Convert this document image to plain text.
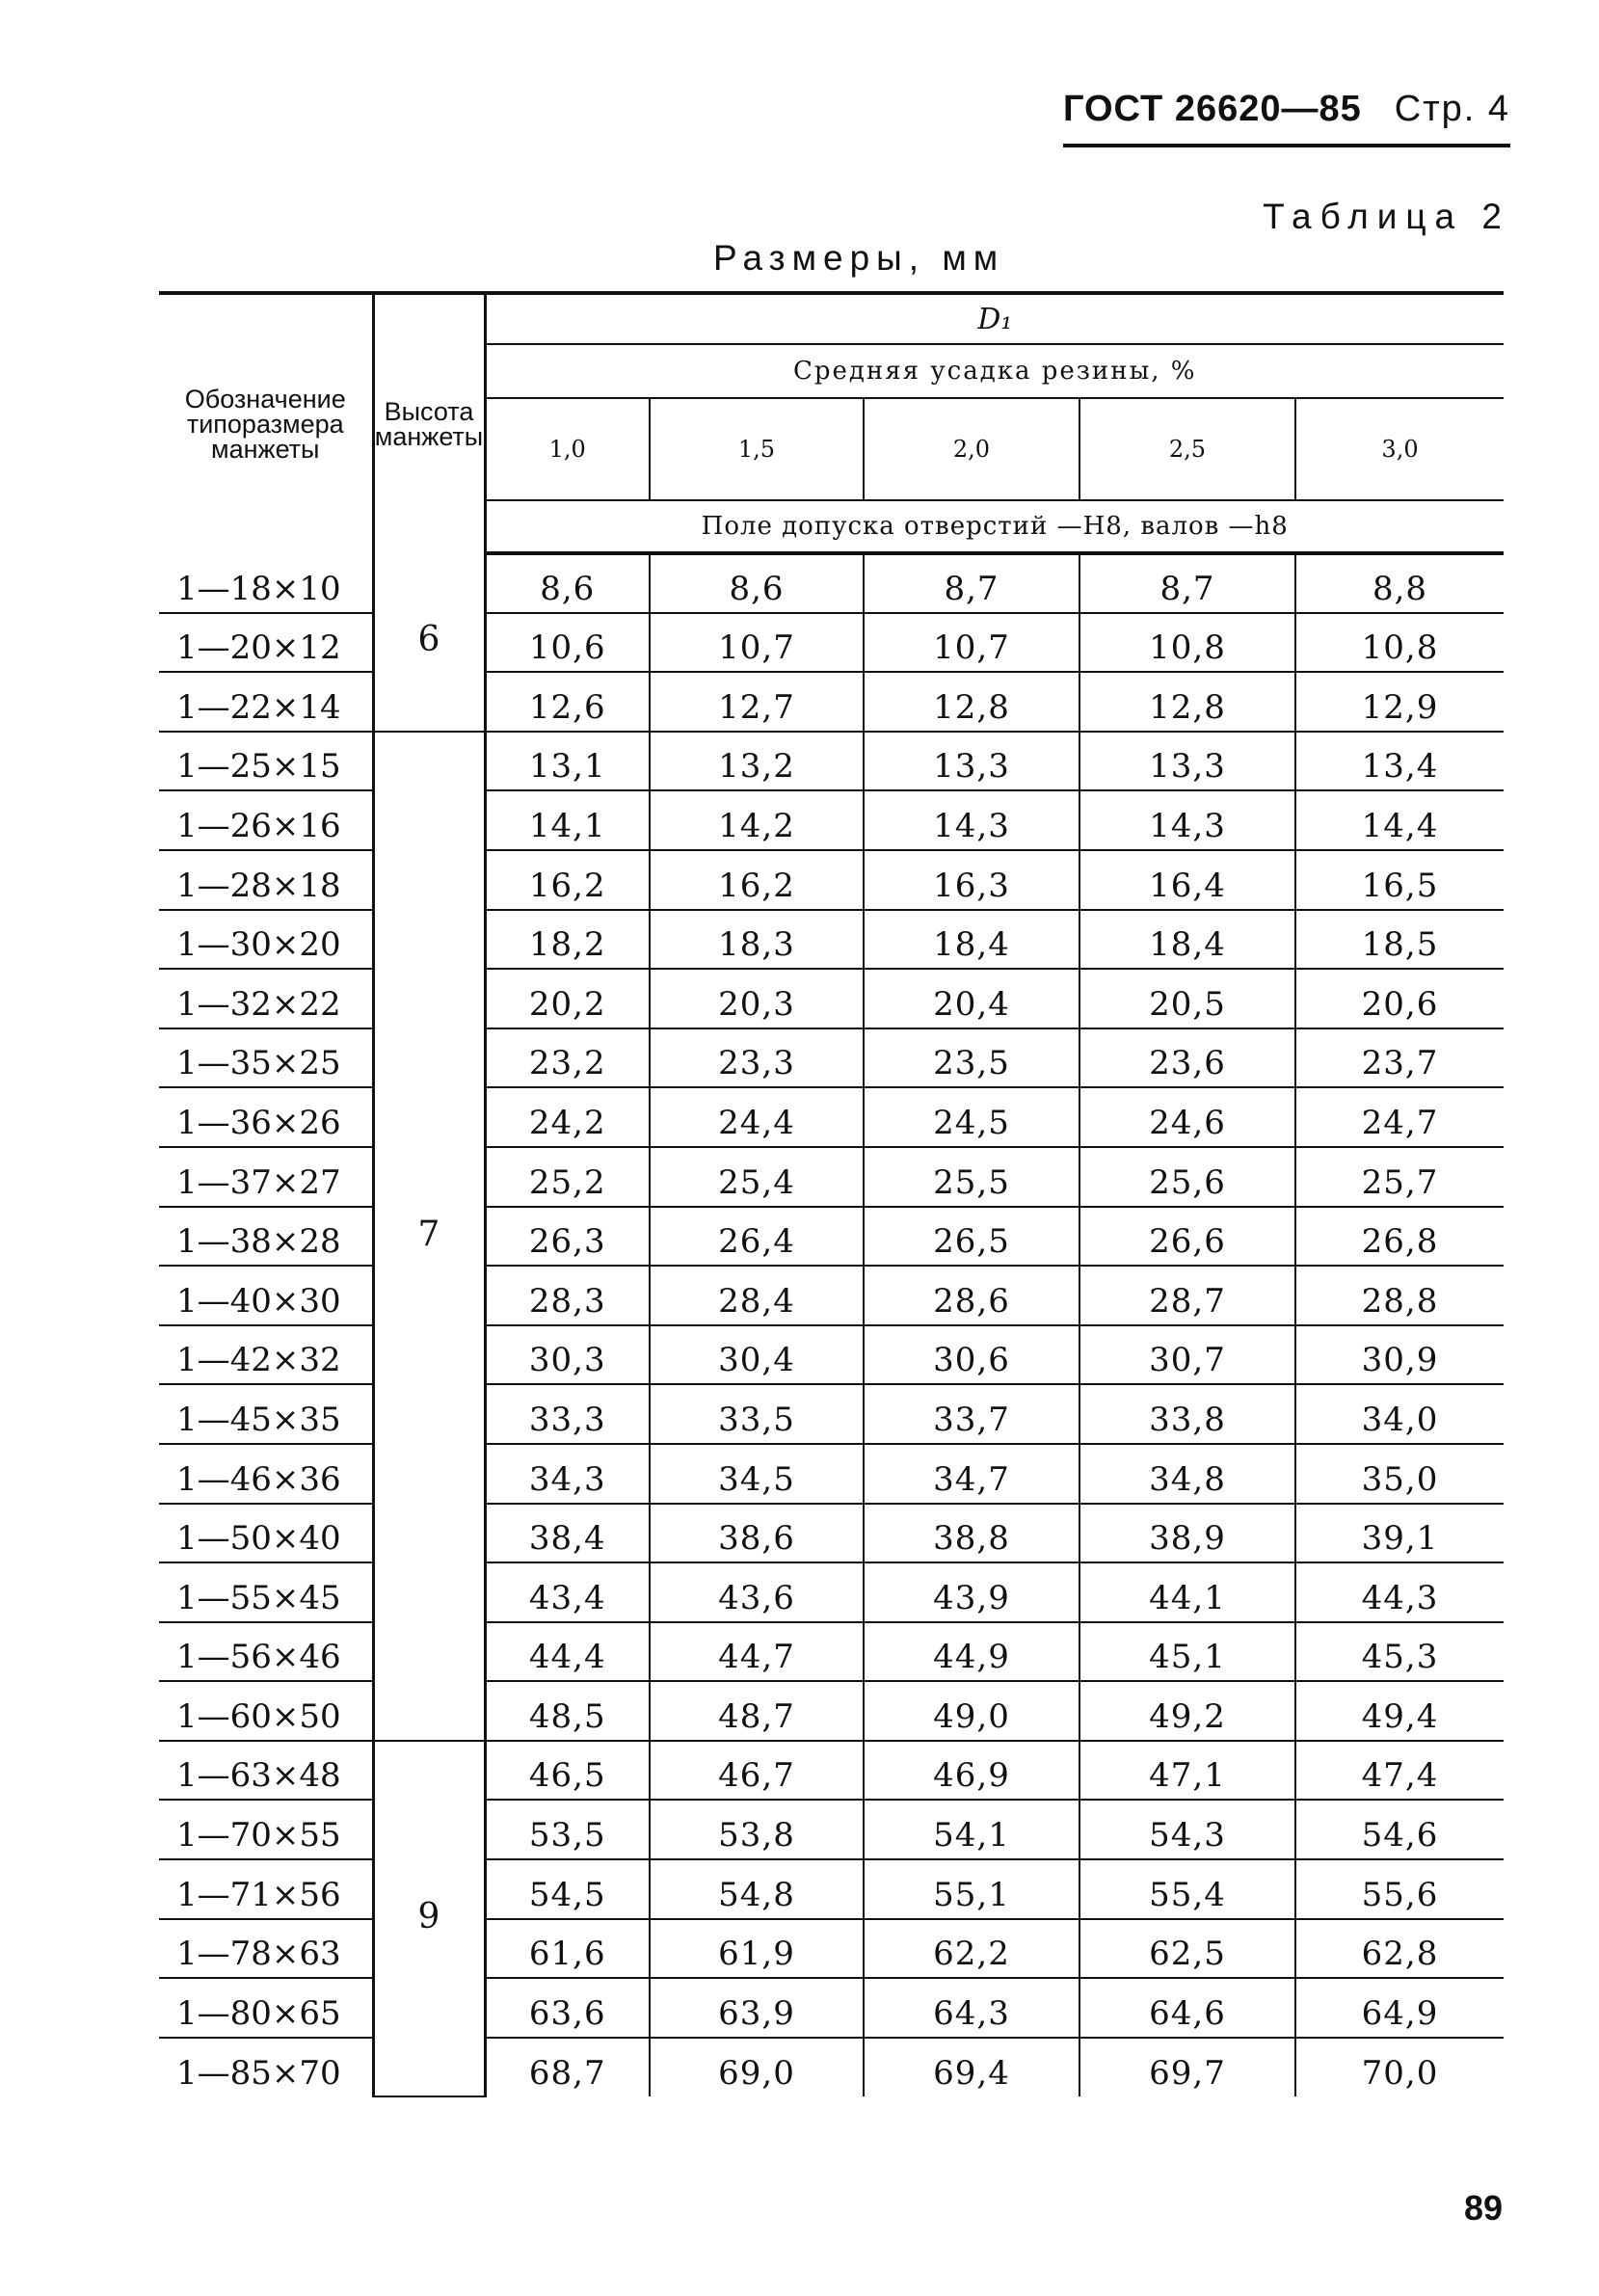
ГОСТ 26620—85 Стр. 4
Таблица 2
Размеры, мм
Обозначение типоразмера манжеты	Высота манжеты	D₁				
		Средняя усадка резины, %				
		1,0	1,5	2,0	2,5	3,0
		Поле допуска отверстий —H8, валов —h8				
1—18×10	6	8,6	8,6	8,7	8,7	8,8
1—20×12		10,6	10,7	10,7	10,8	10,8
1—22×14		12,6	12,7	12,8	12,8	12,9
1—25×15	7	13,1	13,2	13,3	13,3	13,4
1—26×16		14,1	14,2	14,3	14,3	14,4
1—28×18		16,2	16,2	16,3	16,4	16,5
1—30×20		18,2	18,3	18,4	18,4	18,5
1—32×22		20,2	20,3	20,4	20,5	20,6
1—35×25		23,2	23,3	23,5	23,6	23,7
1—36×26		24,2	24,4	24,5	24,6	24,7
1—37×27		25,2	25,4	25,5	25,6	25,7
1—38×28		26,3	26,4	26,5	26,6	26,8
1—40×30		28,3	28,4	28,6	28,7	28,8
1—42×32		30,3	30,4	30,6	30,7	30,9
1—45×35		33,3	33,5	33,7	33,8	34,0
1—46×36		34,3	34,5	34,7	34,8	35,0
1—50×40		38,4	38,6	38,8	38,9	39,1
1—55×45		43,4	43,6	43,9	44,1	44,3
1—56×46		44,4	44,7	44,9	45,1	45,3
1—60×50		48,5	48,7	49,0	49,2	49,4
1—63×48	9	46,5	46,7	46,9	47,1	47,4
1—70×55		53,5	53,8	54,1	54,3	54,6
1—71×56		54,5	54,8	55,1	55,4	55,6
1—78×63		61,6	61,9	62,2	62,5	62,8
1—80×65		63,6	63,9	64,3	64,6	64,9
1—85×70		68,7	69,0	69,4	69,7	70,0
89
